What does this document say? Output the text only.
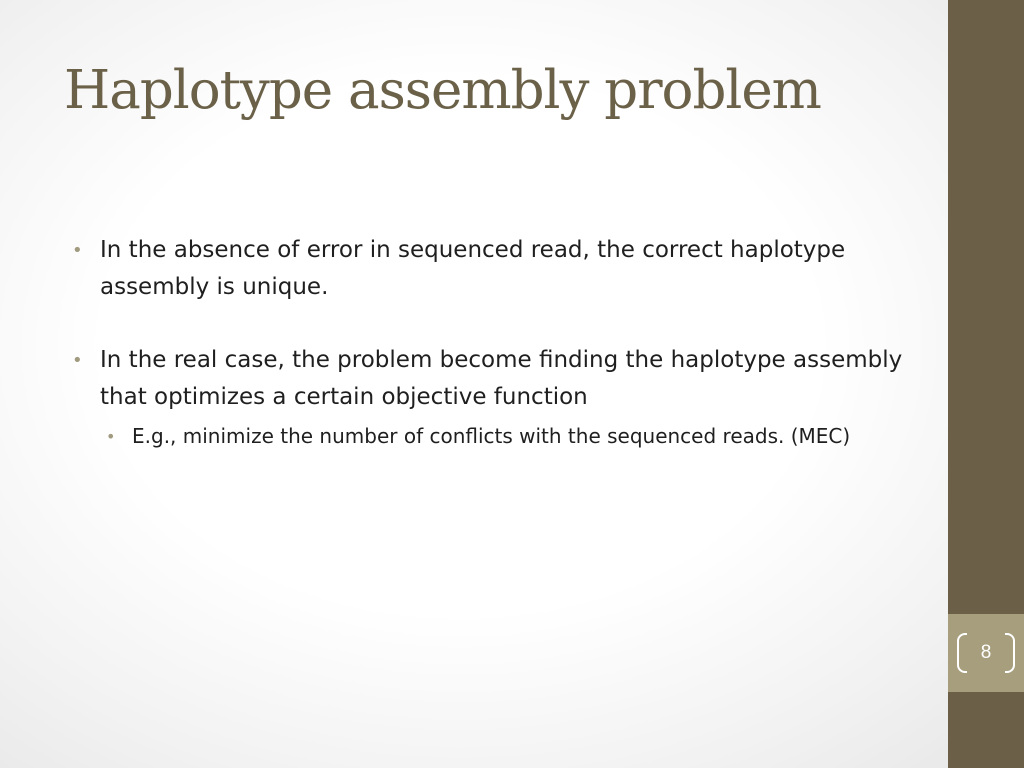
Haplotype assembly problem
• In the absence of error in sequenced read, the correct haplotype assembly is unique.
• In the real case, the problem become finding the haplotype assembly that optimizes a certain objective function
• E.g., minimize the number of conflicts with the sequenced reads. (MEC)
8
